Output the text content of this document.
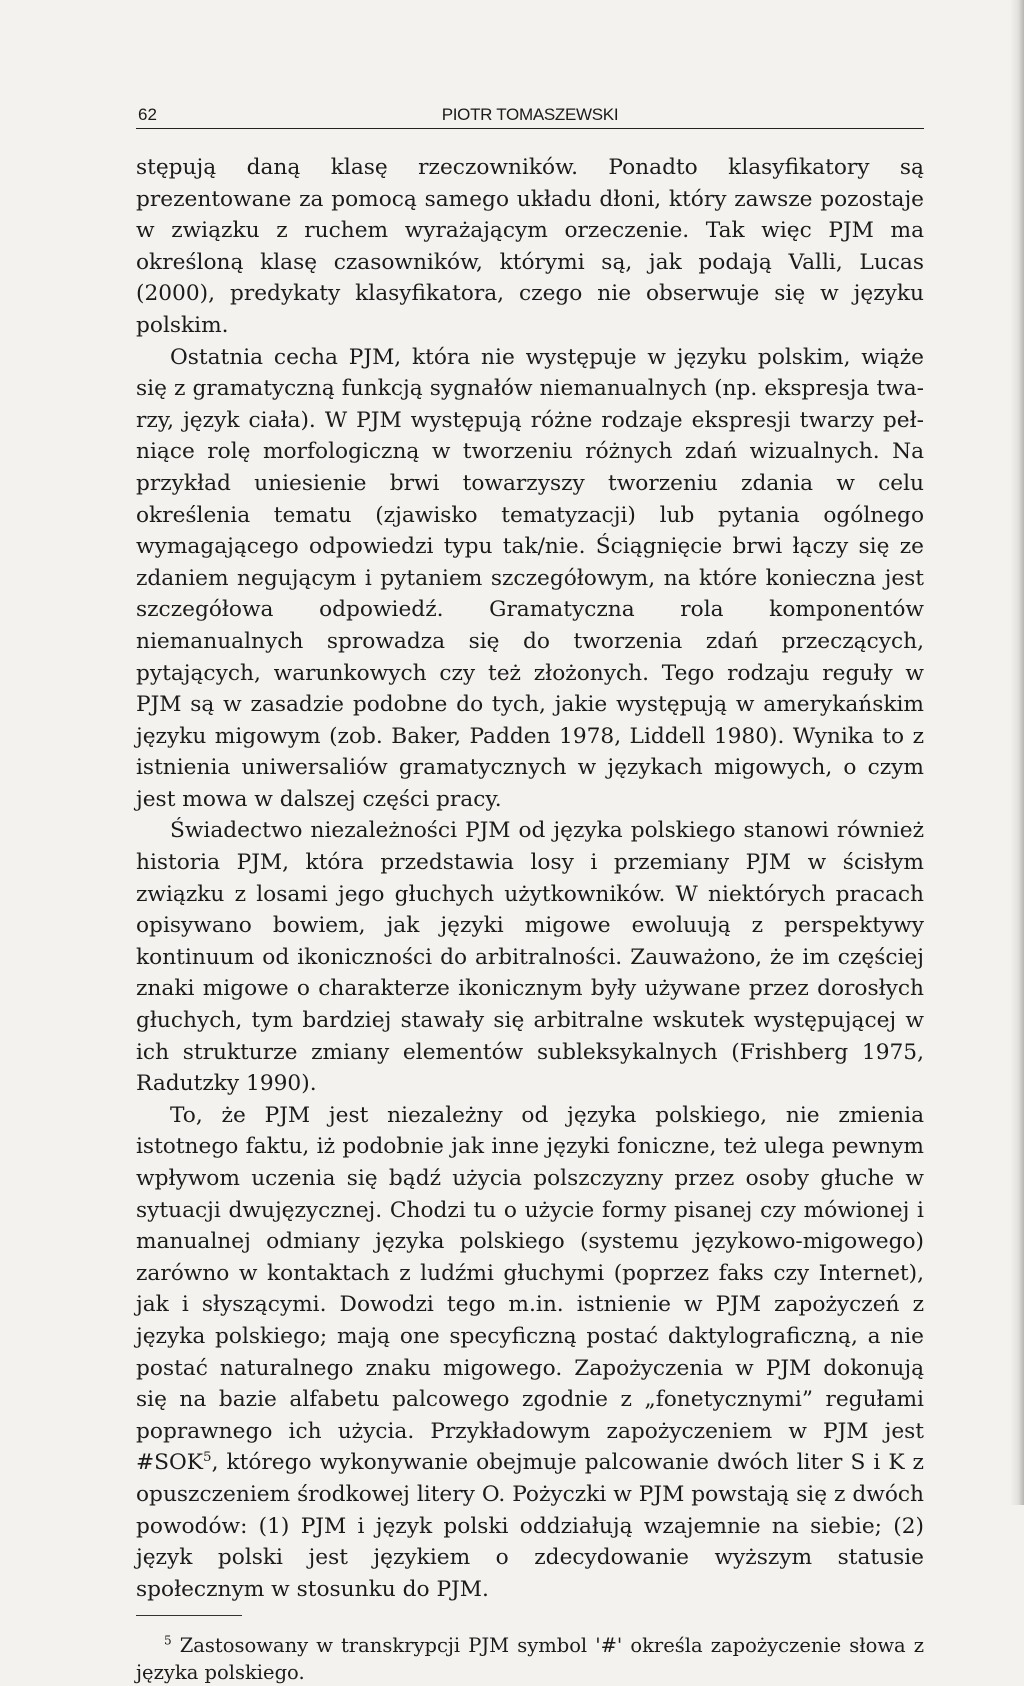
62	PIOTR TOMASZEWSKI

stępują daną klasę rzeczowników. Ponadto klasyfikatory są prezentowane za pomocą samego układu dłoni, który zawsze pozostaje w związku z ruchem wyrażającym orzeczenie. Tak więc PJM ma określoną klasę czasowników, którymi są, jak podają Valli, Lucas (2000), predykaty klasyfikatora, czego nie obserwuje się w języku polskim.

Ostatnia cecha PJM, która nie występuje w języku polskim, wiąże się z gramatyczną funkcją sygnałów niemanualnych (np. ekspresja twarzy, język ciała). W PJM występują różne rodzaje ekspresji twarzy pełniące rolę morfologiczną w tworzeniu różnych zdań wizualnych. Na przykład uniesienie brwi towarzyszy tworzeniu zdania w celu określenia tematu (zjawisko tematyzacji) lub pytania ogólnego wymagającego odpowiedzi typu tak/nie. Ściągnięcie brwi łączy się ze zdaniem negującym i pytaniem szczegółowym, na które konieczna jest szczegółowa odpowiedź. Gramatyczna rola komponentów niemanualnych sprowadza się do tworzenia zdań przeczących, pytających, warunkowych czy też złożonych. Tego rodzaju reguły w PJM są w zasadzie podobne do tych, jakie występują w amerykańskim języku migowym (zob. Baker, Padden 1978, Liddell 1980). Wynika to z istnienia uniwersaliów gramatycznych w językach migowych, o czym jest mowa w dalszej części pracy.

Świadectwo niezależności PJM od języka polskiego stanowi również historia PJM, która przedstawia losy i przemiany PJM w ścisłym związku z losami jego głuchych użytkowników. W niektórych pracach opisywano bowiem, jak języki migowe ewoluują z perspektywy kontinuum od ikoniczności do arbitralności. Zauważono, że im częściej znaki migowe o charakterze ikonicznym były używane przez dorosłych głuchych, tym bardziej stawały się arbitralne wskutek występującej w ich strukturze zmiany elementów subleksykalnych (Frishberg 1975, Radutzky 1990).

To, że PJM jest niezależny od języka polskiego, nie zmienia istotnego faktu, iż podobnie jak inne języki foniczne, też ulega pewnym wpływom uczenia się bądź użycia polszczyzny przez osoby głuche w sytuacji dwujęzycznej. Chodzi tu o użycie formy pisanej czy mówionej i manualnej odmiany języka polskiego (systemu językowo-migowego) zarówno w kontaktach z ludźmi głuchymi (poprzez faks czy Internet), jak i słyszącymi. Dowodzi tego m.in. istnienie w PJM zapożyczeń z języka polskiego; mają one specyficzną postać daktylograficzną, a nie postać naturalnego znaku migowego. Zapożyczenia w PJM dokonują się na bazie alfabetu palcowego zgodnie z „fonetycznymi” regułami poprawnego ich użycia. Przykładowym zapożyczeniem w PJM jest #SOK$^5$, którego wykonywanie obejmuje palcowanie dwóch liter S i K z opuszczeniem środkowej litery O. Pożyczki w PJM powstają się z dwóch powodów: (1) PJM i język polski oddziałują wzajemnie na siebie; (2) język polski jest językiem o zdecydowanie wyższym statusie społecznym w stosunku do PJM.

$^5$ Zastosowany w transkrypcji PJM symbol '#' określa zapożyczenie słowa z języka polskiego.
